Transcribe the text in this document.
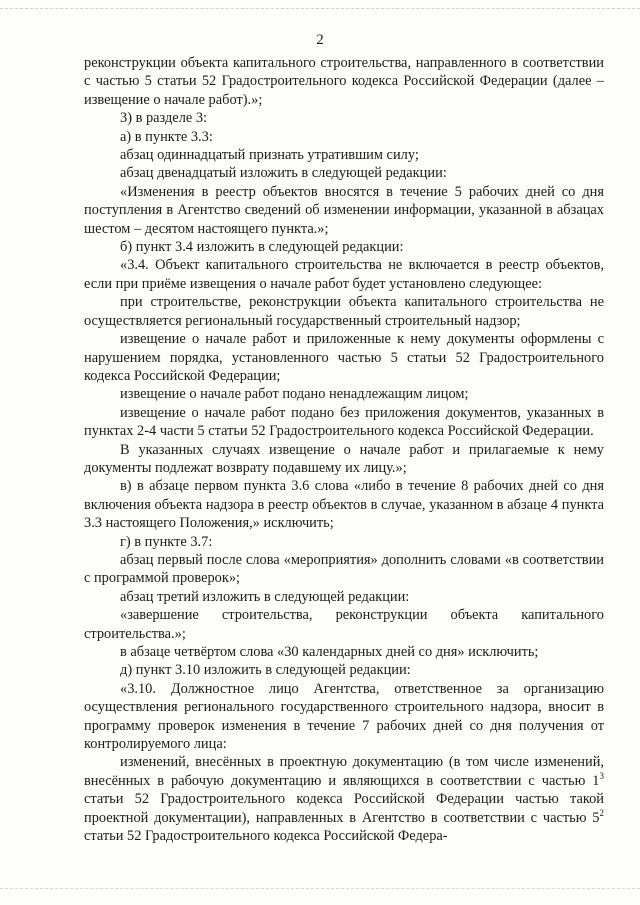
2

реконструкции объекта капитального строительства, направленного в соответствии с частью 5 статьи 52 Градостроительного кодекса Российской Федерации (далее – извещение о начале работ).»;

3) в разделе 3:

а) в пункте 3.3:

абзац одиннадцатый признать утратившим силу;

абзац двенадцатый изложить в следующей редакции:

«Изменения в реестр объектов вносятся в течение 5 рабочих дней со дня поступления в Агентство сведений об изменении информации, указанной в абзацах шестом – десятом настоящего пункта.»;

б) пункт 3.4 изложить в следующей редакции:

«3.4. Объект капитального строительства не включается в реестр объектов, если при приёме извещения о начале работ будет установлено следующее:

при строительстве, реконструкции объекта капитального строительства не осуществляется региональный государственный строительный надзор;

извещение о начале работ и приложенные к нему документы оформлены с нарушением порядка, установленного частью 5 статьи 52 Градостроительного кодекса Российской Федерации;

извещение о начале работ подано ненадлежащим лицом;

извещение о начале работ подано без приложения документов, указанных в пунктах 2-4 части 5 статьи 52 Градостроительного кодекса Российской Федерации.

В указанных случаях извещение о начале работ и прилагаемые к нему документы подлежат возврату подавшему их лицу.»;

в) в абзаце первом пункта 3.6 слова «либо в течение 8 рабочих дней со дня включения объекта надзора в реестр объектов в случае, указанном в абзаце 4 пункта 3.3 настоящего Положения,» исключить;

г) в пункте 3.7:

абзац первый после слова «мероприятия» дополнить словами «в соответствии с программой проверок»;

абзац третий изложить в следующей редакции:

«завершение строительства, реконструкции объекта капитального строительства.»;

в абзаце четвёртом слова «30 календарных дней со дня» исключить;

д) пункт 3.10 изложить в следующей редакции:

«3.10. Должностное лицо Агентства, ответственное за организацию осуществления регионального государственного строительного надзора, вносит в программу проверок изменения в течение 7 рабочих дней со дня получения от контролируемого лица:

изменений, внесённых в проектную документацию (в том числе изменений, внесённых в рабочую документацию и являющихся в соответствии с частью $1^3$ статьи 52 Градостроительного кодекса Российской Федерации частью такой проектной документации), направленных в Агентство в соответствии с частью $5^2$ статьи 52 Градостроительного кодекса Российской Федера-
